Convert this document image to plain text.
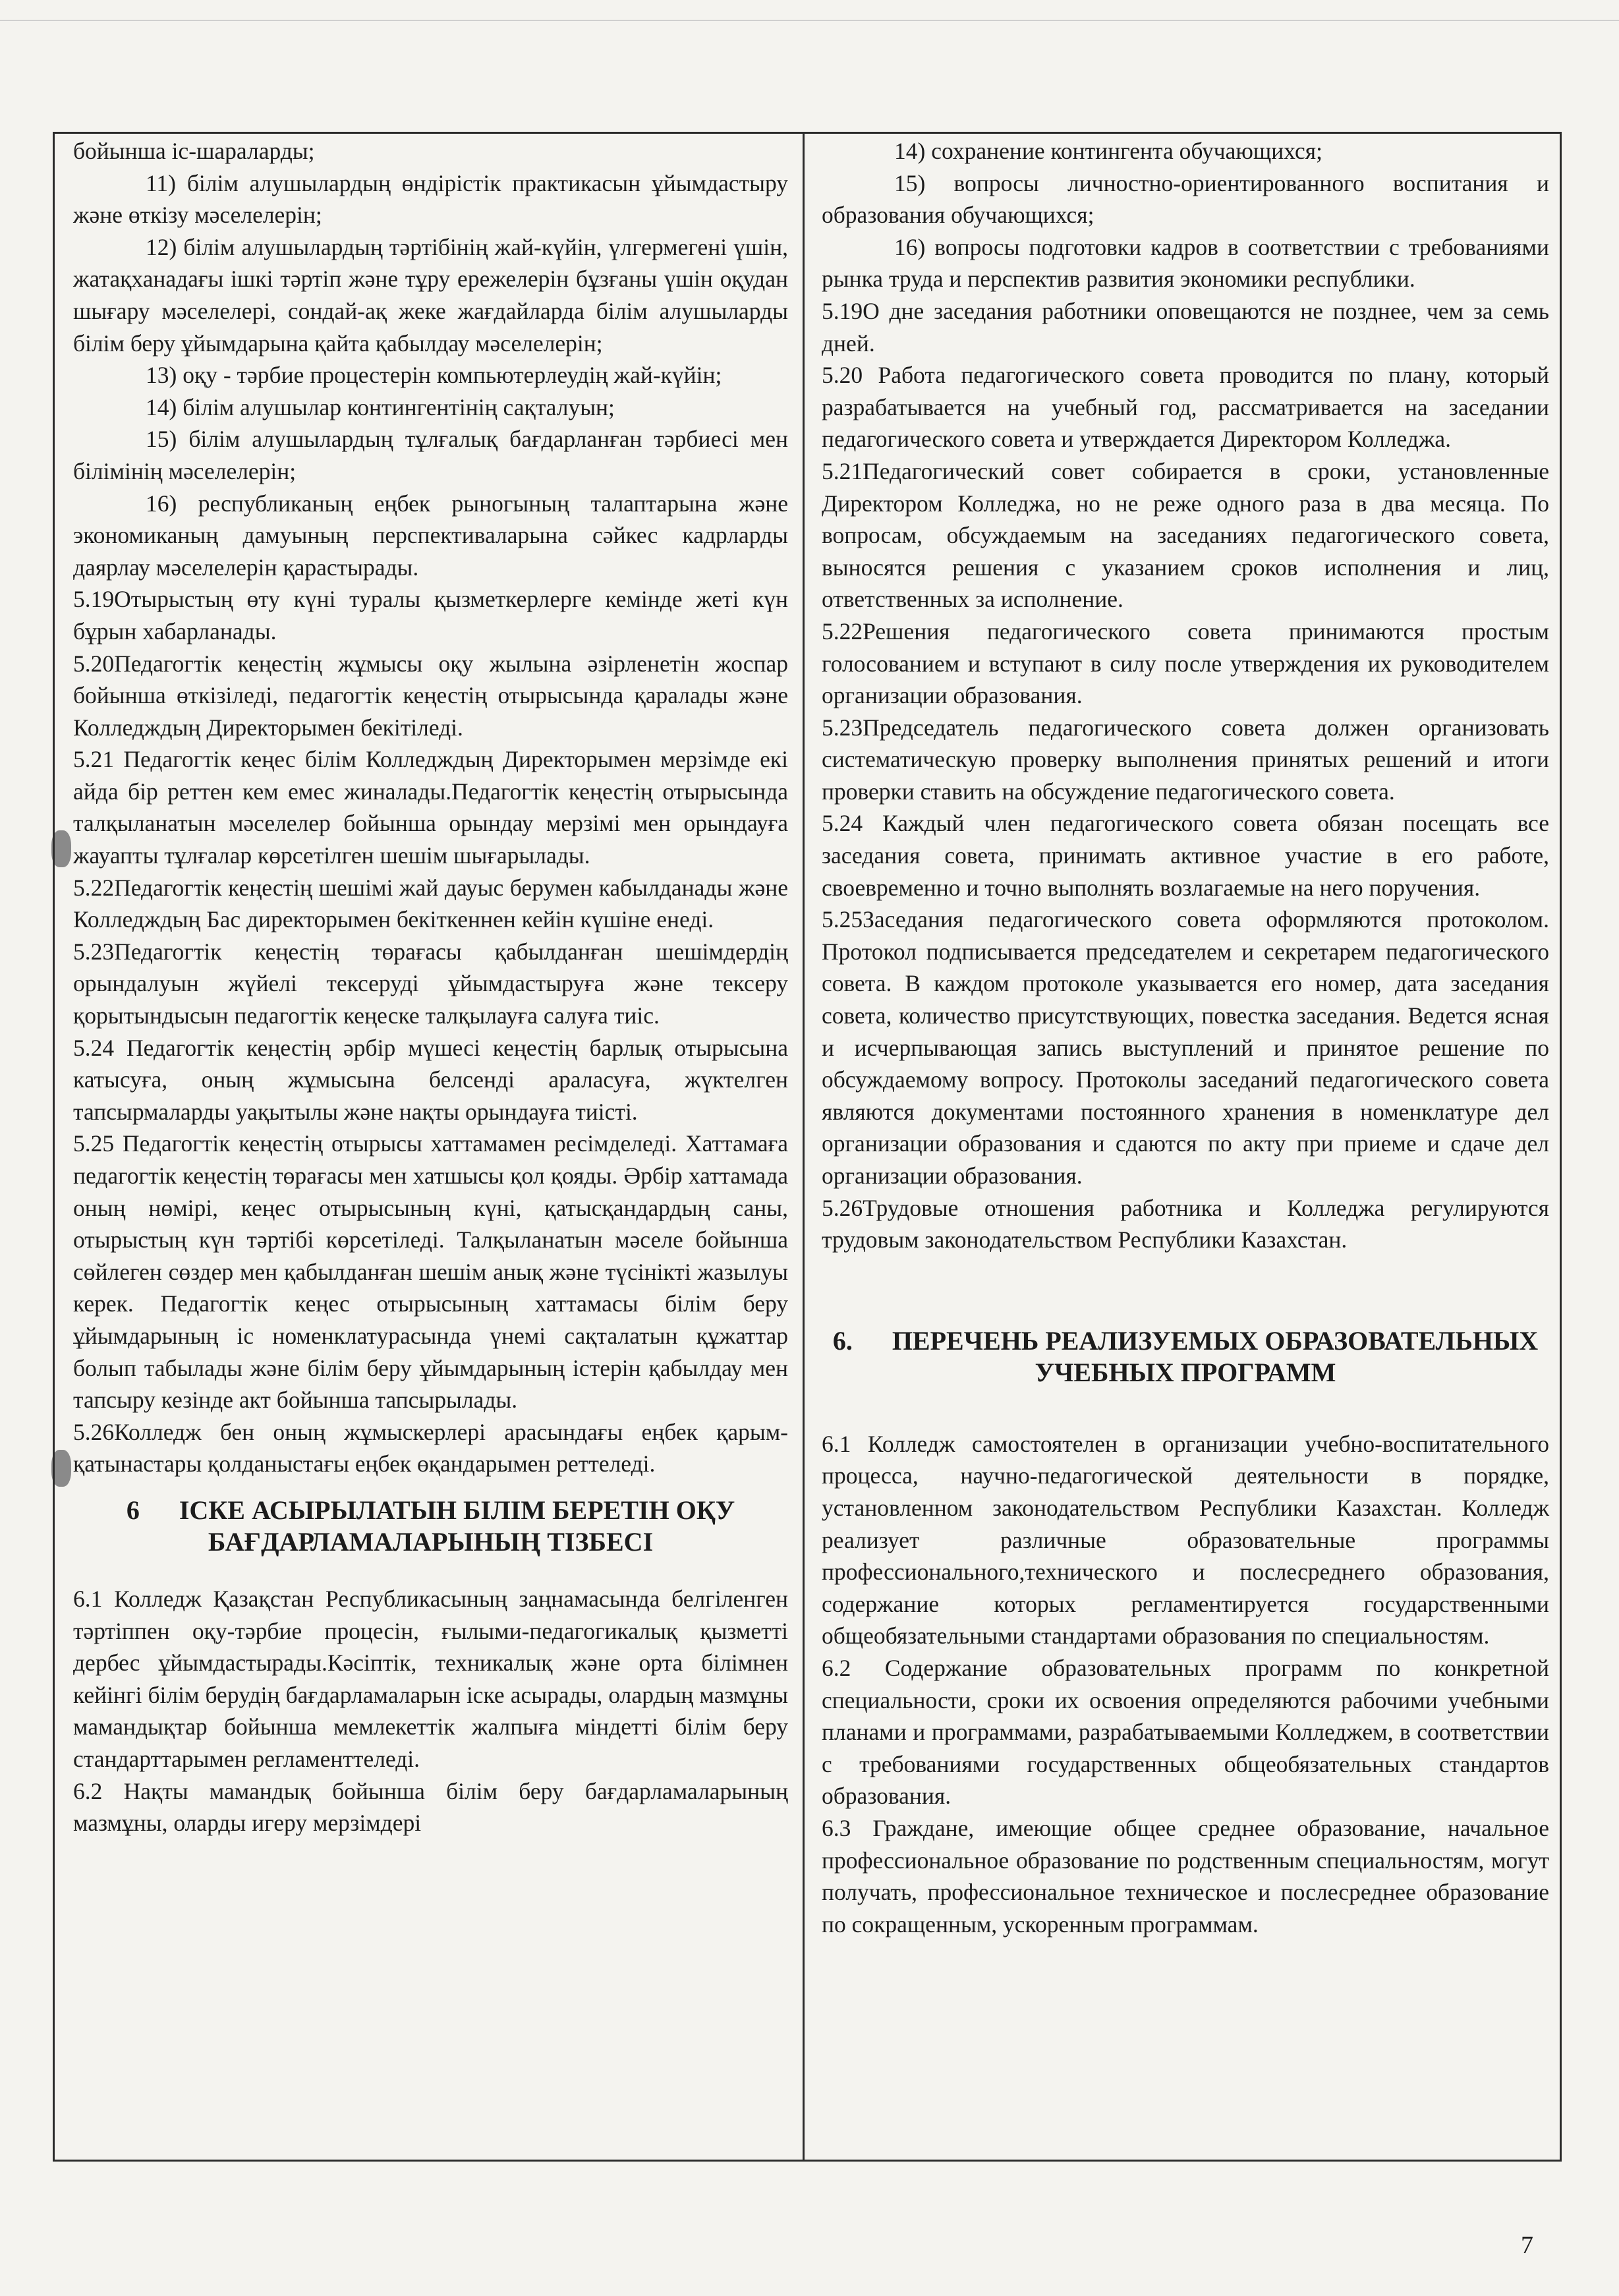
бойынша іс-шараларды;

11) білім алушылардың өндірістік практикасын ұйымдастыру және өткізу мәселелерін;

12) білім алушылардың тәртібінің жай-күйін, үлгермегені үшін, жатақханадағы ішкі тәртіп және тұру ережелерін бұзғаны үшін оқудан шығару мәселелері, сондай-ақ жеке жағдайларда білім алушыларды білім беру ұйымдарына қайта қабылдау мәселелерін;

13) оқу - тәрбие процестерін компьютерлеудің жай-күйін;

14) білім алушылар контингентінің сақталуын;

15) білім алушылардың тұлғалық бағдарланған тәрбиесі мен білімінің мәселелерін;

16) республиканың еңбек рыногының талаптарына және экономиканың дамуының перспективаларына сәйкес кадрларды даярлау мәселелерін қарастырады.

5.19Отырыстың өту күні туралы қызметкерлерге кемінде жеті күн бұрын хабарланады.

5.20Педагогтік кеңестің жұмысы оқу жылына әзірленетін жоспар бойынша өткізіледі, педагогтік кеңестің отырысында қаралады және Колледждың Директорымен бекітіледі.

5.21 Педагогтік кеңес білім Колледждың Директорымен мерзімде екі айда бір реттен кем емес жиналады.Педагогтік кеңестің отырысында талқыланатын мәселелер бойынша орындау мерзімі мен орындауға жауапты тұлғалар көрсетілген шешім шығарылады.

5.22Педагогтік кеңестің шешімі жай дауыс берумен кабылданады және Колледждың Бас директорымен бекіткеннен кейін күшіне енеді.

5.23Педагогтік кеңестің төрағасы қабылданған шешімдердің орындалуын жүйелі тексеруді ұйымдастыруға және тексеру қорытындысын педагогтік кеңеске талқылауға салуға тиіс.

5.24 Педагогтік кеңестің әрбір мүшесі кеңестің барлық отырысына катысуға, оның жұмысына белсенді араласуға, жүктелген тапсырмаларды уақытылы және нақты орындауға тиісті.

5.25 Педагогтік кеңестің отырысы хаттамамен ресімделеді. Хаттамаға педагогтік кеңестің төрағасы мен хатшысы қол қояды. Әрбір хаттамада оның нөмірі, кеңес отырысының күні, қатысқандардың саны, отырыстың күн тәртібі көрсетіледі. Талқыланатын мәселе бойынша сөйлеген сөздер мен қабылданған шешім анық және түсінікті жазылуы керек. Педагогтік кеңес отырысының хаттамасы білім беру ұйымдарының іс номенклатурасында үнемі сақталатын құжаттар болып табылады және білім беру ұйымдарының істерін қабылдау мен тапсыру кезінде акт бойынша тапсырылады.

5.26Колледж бен оның жұмыскерлері арасындағы еңбек қарым-қатынастары қолданыстағы еңбек өқандарымен реттеледі.

6 ІСКЕ АСЫРЫЛАТЫН БІЛІМ БЕРЕТІН ОҚУ
БАҒДАРЛАМАЛАРЫНЫҢ ТІЗБЕСІ

6.1 Колледж Қазақстан Республикасының заңнамасында белгіленген тәртіппен оқу-тәрбие процесін, ғылыми-педагогикалық қызметті дербес ұйымдастырады.Кәсіптік, техникалық және орта білімнен кейінгі білім берудің бағдарламаларын іске асырады, олардың мазмұны мамандықтар бойынша мемлекеттік жалпыға міндетті білім беру стандарттарымен регламенттеледі.

6.2 Нақты мамандық бойынша білім беру бағдарламаларының мазмұны, оларды игеру мерзімдері

14) сохранение контингента обучающихся;

15) вопросы личностно-ориентированного воспитания и образования обучающихся;

16) вопросы подготовки кадров в соответствии с требованиями рынка труда и перспектив развития экономики республики.

5.19О дне заседания работники оповещаются не позднее, чем за семь дней.

5.20 Работа педагогического совета проводится по плану, который разрабатывается на учебный год, рассматривается на заседании педагогического совета и утверждается Директором Колледжа.

5.21Педагогический совет собирается в сроки, установленные Директором Колледжа, но не реже одного раза в два месяца. По вопросам, обсуждаемым на заседаниях педагогического совета, выносятся решения с указанием сроков исполнения и лиц, ответственных за исполнение.

5.22Решения педагогического совета принимаются простым голосованием и вступают в силу после утверждения их руководителем организации образования.

5.23Председатель педагогического совета должен организовать систематическую проверку выполнения принятых решений и итоги проверки ставить на обсуждение педагогического совета.

5.24 Каждый член педагогического совета обязан посещать все заседания совета, принимать активное участие в его работе, своевременно и точно выполнять возлагаемые на него поручения.

5.25Заседания педагогического совета оформляются протоколом. Протокол подписывается председателем и секретарем педагогического совета. В каждом протоколе указывается его номер, дата заседания совета, количество присутствующих, повестка заседания. Ведется ясная и исчерпывающая запись выступлений и принятое решение по обсуждаемому вопросу. Протоколы заседаний педагогического совета являются документами постоянного хранения в номенклатуре дел организации образования и сдаются по акту при приеме и сдаче дел организации образования.

5.26Трудовые отношения работника и Колледжа регулируются трудовым законодательством Республики Казахстан.

6. ПЕРЕЧЕНЬ РЕАЛИЗУЕМЫХ ОБРАЗОВАТЕЛЬНЫХ
УЧЕБНЫХ ПРОГРАММ

6.1 Колледж самостоятелен в организации учебно-воспитательного процесса, научно-педагогической деятельности в порядке, установленном законодательством Республики Казахстан. Колледж реализует различные образовательные программы профессионального,технического и послесреднего образования, содержание которых регламентируется государственными общеобязательными стандартами образования по специальностям.

6.2 Содержание образовательных программ по конкретной специальности, сроки их освоения определяются рабочими учебными планами и программами, разрабатываемыми Колледжем, в соответствии с требованиями государственных общеобязательных стандартов образования.

6.3 Граждане, имеющие общее среднее образование, начальное профессиональное образование по родственным специальностям, могут получать, профессиональное техническое и послесреднее образование по сокращенным, ускоренным программам.

7
